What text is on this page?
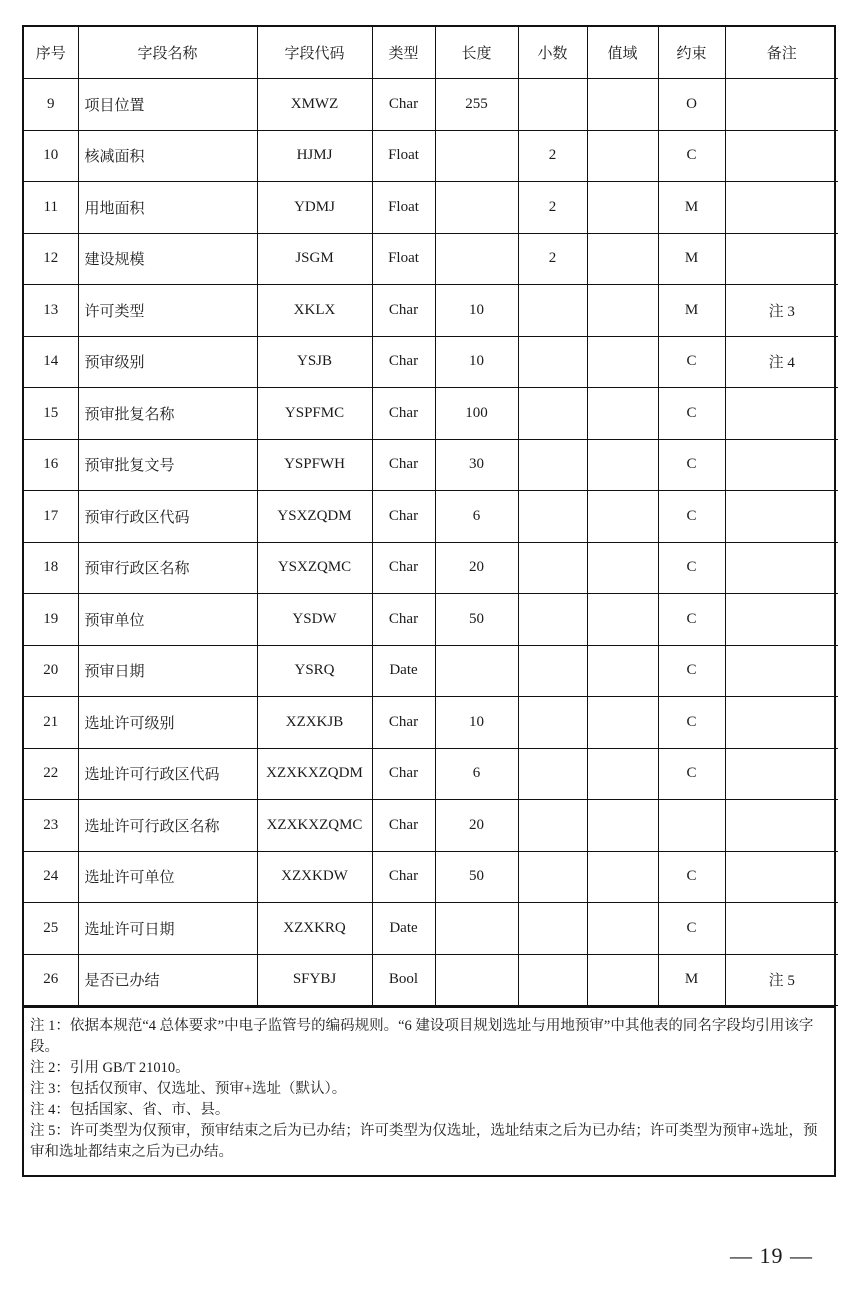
序号	字段名称	字段代码	类型	长度	小数	值域	约束	备注
9	项目位置	XMWZ	Char	255			O	
10	核减面积	HJMJ	Float		2		C	
11	用地面积	YDMJ	Float		2		M	
12	建设规模	JSGM	Float		2		M	
13	许可类型	XKLX	Char	10			M	注 3
14	预审级别	YSJB	Char	10			C	注 4
15	预审批复名称	YSPFMC	Char	100			C	
16	预审批复文号	YSPFWH	Char	30			C	
17	预审行政区代码	YSXZQDM	Char	6			C	
18	预审行政区名称	YSXZQMC	Char	20			C	
19	预审单位	YSDW	Char	50			C	
20	预审日期	YSRQ	Date				C	
21	选址许可级别	XZXKJB	Char	10			C	
22	选址许可行政区代码	XZXKXZQDM	Char	6			C	
23	选址许可行政区名称	XZXKXZQMC	Char	20				
24	选址许可单位	XZXKDW	Char	50			C	
25	选址许可日期	XZXKRQ	Date				C	
26	是否已办结	SFYBJ	Bool				M	注 5

注 1：依据本规范“4 总体要求”中电子监管号的编码规则。“6 建设项目规划选址与用地预审”中其他表的同名字段均引用该字段。

注 2：引用 GB/T 21010。

注 3：包括仅预审、仅选址、预审+选址（默认）。

注 4：包括国家、省、市、县。

注 5：许可类型为仅预审，预审结束之后为已办结；许可类型为仅选址，选址结束之后为已办结；许可类型为预审+选址，预审和选址都结束之后为已办结。

— 19 —
